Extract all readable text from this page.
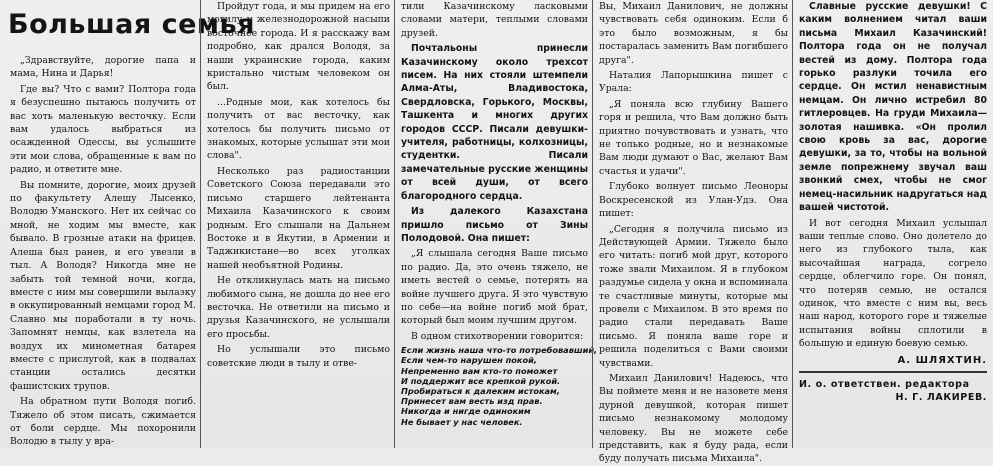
Большая семья

„Здравствуйте, дорогие папа и мама, Нина и Дарья!

Где вы? Что с вами? Полтора года я безуспешно пытаюсь получить от вас хоть маленькую весточку. Если вам удалось выбраться из осажденной Одессы, вы услышите эти мои слова, обращенные к вам по радио, и ответите мне.

Вы помните, дорогие, моих друзей по факультету Алешу Лысенко, Володю Уманского. Нет их сейчас со мной, не ходим мы вместе, как бывало. В грозные атаки на фрицев. Алеша был ранен, и его увезли в тыл. А Володя? Никогда мне не забыть той темной ночи, когда, вместе с ним мы совершили вылазку в оккупированный немцами город М. Славно мы поработали в ту ночь. Запомнят немцы, как взлетела на воздух их минометная батарея вместе с прислугой, как в подвалах станции остались десятки фашистских трупов.

На обратном пути Володя погиб. Тяжело об этом писать, сжимается от боли сердце. Мы похоронили Володю в тылу у вра-

Пройдут года, и мы придем на его могилу у железнодорожной насыпи восточнее города. И я расскажу вам подробно, как дрался Володя, за наши украинские города, каким кристально чистым человеком он был.

...Родные мои, как хотелось бы получить от вас весточку, как хотелось бы получить письмо от знакомых, которые услышат эти мои слова".

Несколько раз радиостанции Советского Союза передавали это письмо старшего лейтенанта Михаила Казачинского к своим родным. Его слышали на Дальнем Востоке и в Якутии, в Армении и Таджикистане—во всех уголках нашей необъятной Родины.

Не откликнулась мать на письмо любимого сына, не дошла до нее его весточка. Не ответили на письмо и друзья Казачинского, не услышали его просьбы.

Но услышали это письмо советские люди в тылу и отве-

тили Казачинскому ласковыми словами матери, теплыми словами друзей.

Почтальоны принесли Казачинскому около трехсот писем. На них стояли штемпели Алма-Аты, Владивостока, Свердловска, Горького, Москвы, Ташкента и многих других городов СССР. Писали девушки-учителя, работницы, колхозницы, студентки. Писали замечательные русские женщины от всей души, от всего благородного сердца.

Из далекого Казахстана пришло письмо от Зины Полодовой. Она пишет:

„Я слышала сегодня Ваше письмо по радио. Да, это очень тяжело, не иметь вестей о семье, потерять на войне лучшего друга. Я это чувствую по себе—на войне погиб мой брат, который был моим лучшим другом.

В одном стихотворении говорится:

Если жизнь наша что-то потребовавший,
Если чем-то нарушен покой,
Непременно вам кто-то поможет
И поддержит все крепкой рукой.
Пробираться к далеким истокам,
Принесет вам весть изд прав.
Никогда и нигде одиноким
Не бывает у нас человек.

Вы, Михаил Данилович, не должны чувствовать себя одиноким. Если б это было возможным, я бы постаралась заменить Вам погибшего друга".

Наталия Лапорышкина пишет с Урала:

„Я поняла всю глубину Вашего горя и решила, что Вам должно быть приятно почувствовать и узнать, что не только родные, но и незнакомые Вам люди думают о Вас, желают Вам счастья и удачи".

Глубоко волнует письмо Леоноры Воскресенской из Улан-Удэ. Она пишет:

„Сегодня я получила письмо из Действующей Армии. Тяжело было его читать: погиб мой друг, которого тоже звали Михаилом. Я в глубоком раздумье сидела у окна и вспоминала те счастливые минуты, которые мы провели с Михаилом. В это время по радио стали передавать Ваше письмо. Я поняла ваше горе и решила поделиться с Вами своими чувствами.

Михаил Данилович! Надеюсь, что Вы поймете меня и не назовете меня дурной девушкой, которая пишет письмо незнакомому молодому человеку. Вы не можете себе представить, как я буду рада, если буду получать письма Михаила".

Славные русские девушки! С каким волнением читал ваши письма Михаил Казачинский! Полтора года он не получал вестей из дому. Полтора года горько разлуки точила его сердце. Он мстил ненавистным немцам. Он лично истребил 80 гитлеровцев. На груди Михаила—золотая нашивка. «Он пролил свою кровь за вас, дорогие девушки, за то, чтобы на вольной земле попрежнему звучал ваш звонкий смех, чтобы не смог немец-насильник надругаться над вашей чистотой.

И вот сегодня Михаил услышал ваши теплые слово. Оно долетело до него из глубокого тыла, как высочайшая награда, согрело сердце, облегчило горе. Он понял, что потеряв семью, не остался одинок, что вместе с ним вы, весь наш народ, которого горе и тяжелые испытания войны сплотили в большую и единую боевую семью.

А. ШЛЯХТИН.
И. о. ответствен. редактора
Н. Г. ЛАКИРЕВ.
